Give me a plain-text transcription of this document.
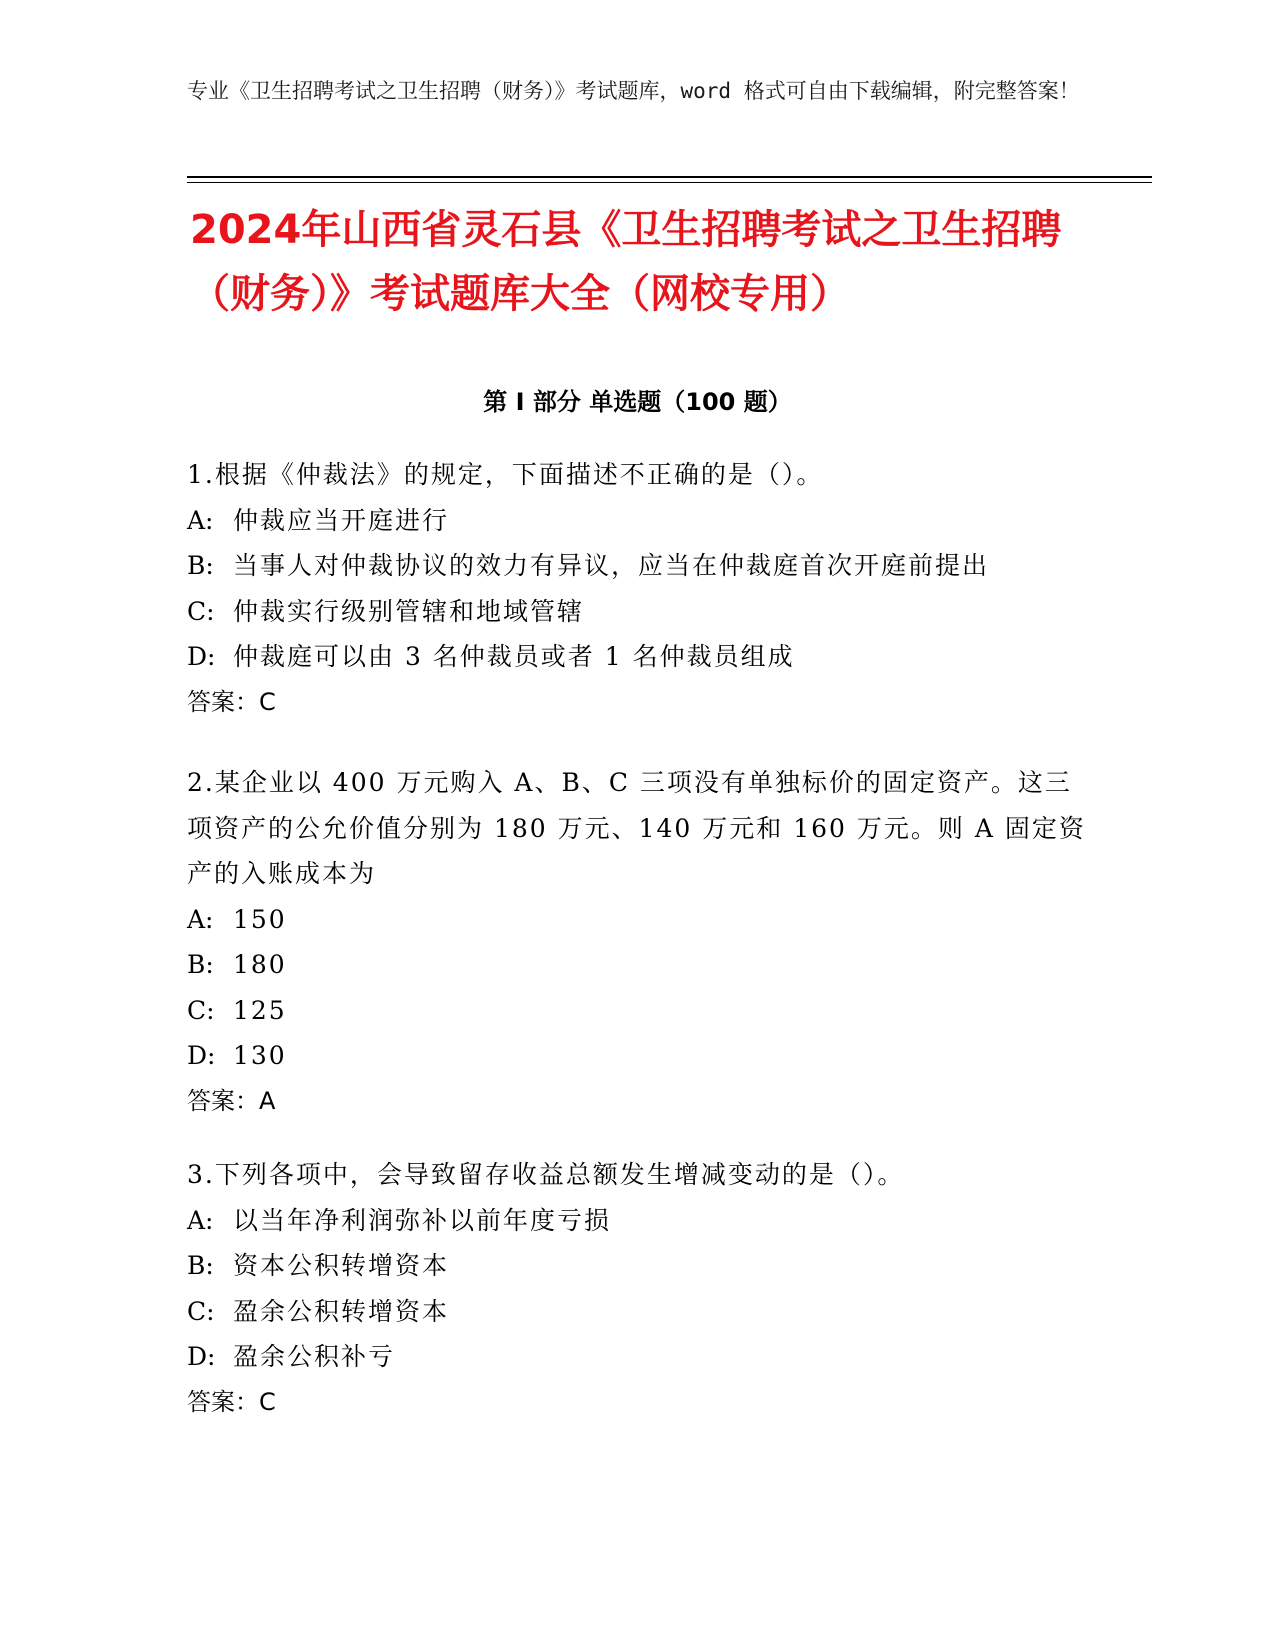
专业《卫生招聘考试之卫生招聘（财务）》考试题库，word 格式可自由下载编辑，附完整答案！

2024年山西省灵石县《卫生招聘考试之卫生招聘（财务）》考试题库大全（网校专用）
第 I 部分 单选题（100 题）

1.根据《仲裁法》的规定，下面描述不正确的是（）。

A: 仲裁应当开庭进行

B: 当事人对仲裁协议的效力有异议，应当在仲裁庭首次开庭前提出

C: 仲裁实行级别管辖和地域管辖

D: 仲裁庭可以由 3 名仲裁员或者 1 名仲裁员组成

答案：C

2.某企业以 400 万元购入 A、B、C 三项没有单独标价的固定资产。这三项资产的公允价值分别为 180 万元、140 万元和 160 万元。则 A 固定资产的入账成本为

A: 150

B: 180

C: 125

D: 130

答案：A

3.下列各项中，会导致留存收益总额发生增减变动的是（）。

A: 以当年净利润弥补以前年度亏损

B: 资本公积转增资本

C: 盈余公积转增资本

D: 盈余公积补亏

答案：C
